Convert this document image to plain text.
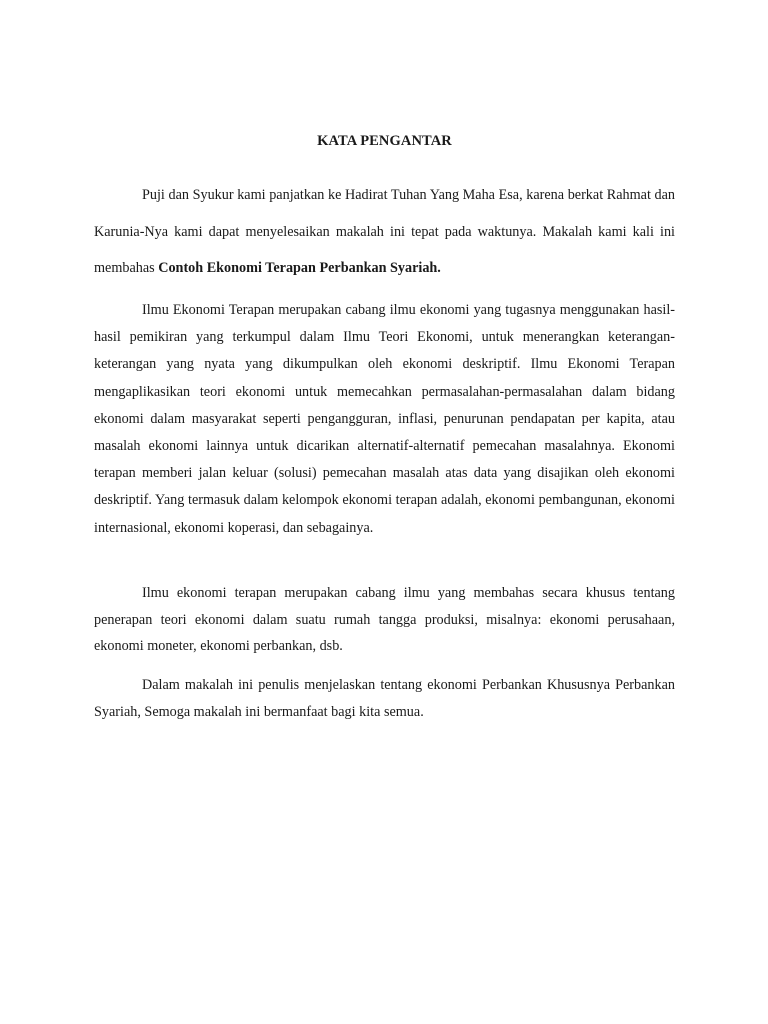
KATA PENGANTAR

Puji dan Syukur kami panjatkan ke Hadirat Tuhan Yang Maha Esa, karena berkat Rahmat dan Karunia-Nya kami dapat menyelesaikan makalah ini tepat pada waktunya. Makalah kami kali ini membahas Contoh Ekonomi Terapan Perbankan Syariah.

Ilmu Ekonomi Terapan merupakan cabang ilmu ekonomi yang tugasnya menggunakan hasil-hasil pemikiran yang terkumpul dalam Ilmu Teori Ekonomi, untuk menerangkan keterangan-keterangan yang nyata yang dikumpulkan oleh ekonomi deskriptif. Ilmu Ekonomi Terapan mengaplikasikan teori ekonomi untuk memecahkan permasalahan-permasalahan dalam bidang ekonomi dalam masyarakat seperti pengangguran, inflasi, penurunan pendapatan per kapita, atau masalah ekonomi lainnya untuk dicarikan alternatif-alternatif pemecahan masalahnya. Ekonomi terapan memberi jalan keluar (solusi) pemecahan masalah atas data yang disajikan oleh ekonomi deskriptif. Yang termasuk dalam kelompok ekonomi terapan adalah, ekonomi pembangunan, ekonomi internasional, ekonomi koperasi, dan sebagainya.

Ilmu ekonomi terapan merupakan cabang ilmu yang membahas secara khusus tentang penerapan teori ekonomi dalam suatu rumah tangga produksi, misalnya: ekonomi perusahaan, ekonomi moneter, ekonomi perbankan, dsb.

Dalam makalah ini penulis menjelaskan tentang ekonomi Perbankan Khususnya Perbankan Syariah, Semoga makalah ini bermanfaat bagi kita semua.
